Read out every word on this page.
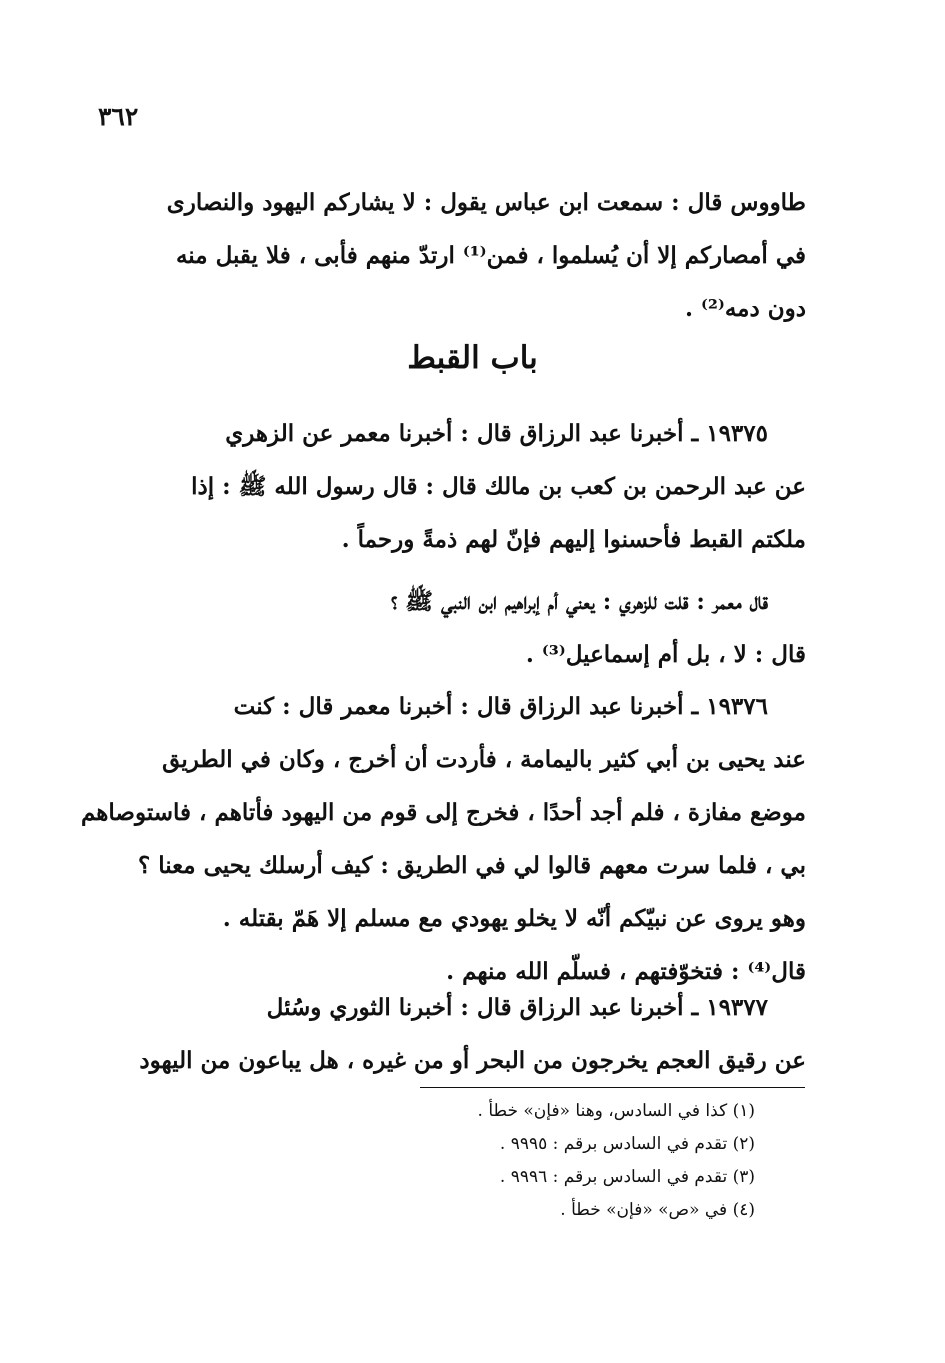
٣٦٢
طاووس قال : سمعت ابن عباس يقول : لا يشاركم اليهود والنصارى
في أمصاركم إلا أن يُسلموا ، فمن⁽¹⁾ ارتدّ منهم فأبى ، فلا يقبل منه
دون دمه⁽²⁾ .
باب القبط
١٩٣٧٥ ـ أخبرنا عبد الرزاق قال : أخبرنا معمر عن الزهري
عن عبد الرحمن بن كعب بن مالك قال : قال رسول الله ﷺ : إذا
ملكتم القبط فأحسنوا إليهم فإنّ لهم ذمةً ورحماً .
قال معمر : قلت للزهري : يعني أم إبراهيم ابن النبي ﷺ ؟
قال : لا ، بل أم إسماعيل⁽³⁾ .
١٩٣٧٦ ـ أخبرنا عبد الرزاق قال : أخبرنا معمر قال : كنت
عند يحيى بن أبي كثير باليمامة ، فأردت أن أخرج ، وكان في الطريق
موضع مفازة ، فلم أجد أحدًا ، فخرج إلى قوم من اليهود فأتاهم ، فاستوصاهم
بي ، فلما سرت معهم قالوا لي في الطريق : كيف أرسلك يحيى معنا ؟
وهو يروى عن نبيّكم أنّه لا يخلو يهودي مع مسلم إلا هَمّ بقتله .
قال⁽⁴⁾ : فتخوّفتهم ، فسلّم الله منهم .
١٩٣٧٧ ـ أخبرنا عبد الرزاق قال : أخبرنا الثوري وسُئل
عن رقيق العجم يخرجون من البحر أو من غيره ، هل يباعون من اليهود
(١) كذا في السادس، وهنا «فإن» خطأ .
(٢) تقدم في السادس برقم : ٩٩٩٥ .
(٣) تقدم في السادس برقم : ٩٩٩٦ .
(٤) في «ص» «فإن» خطأ .
